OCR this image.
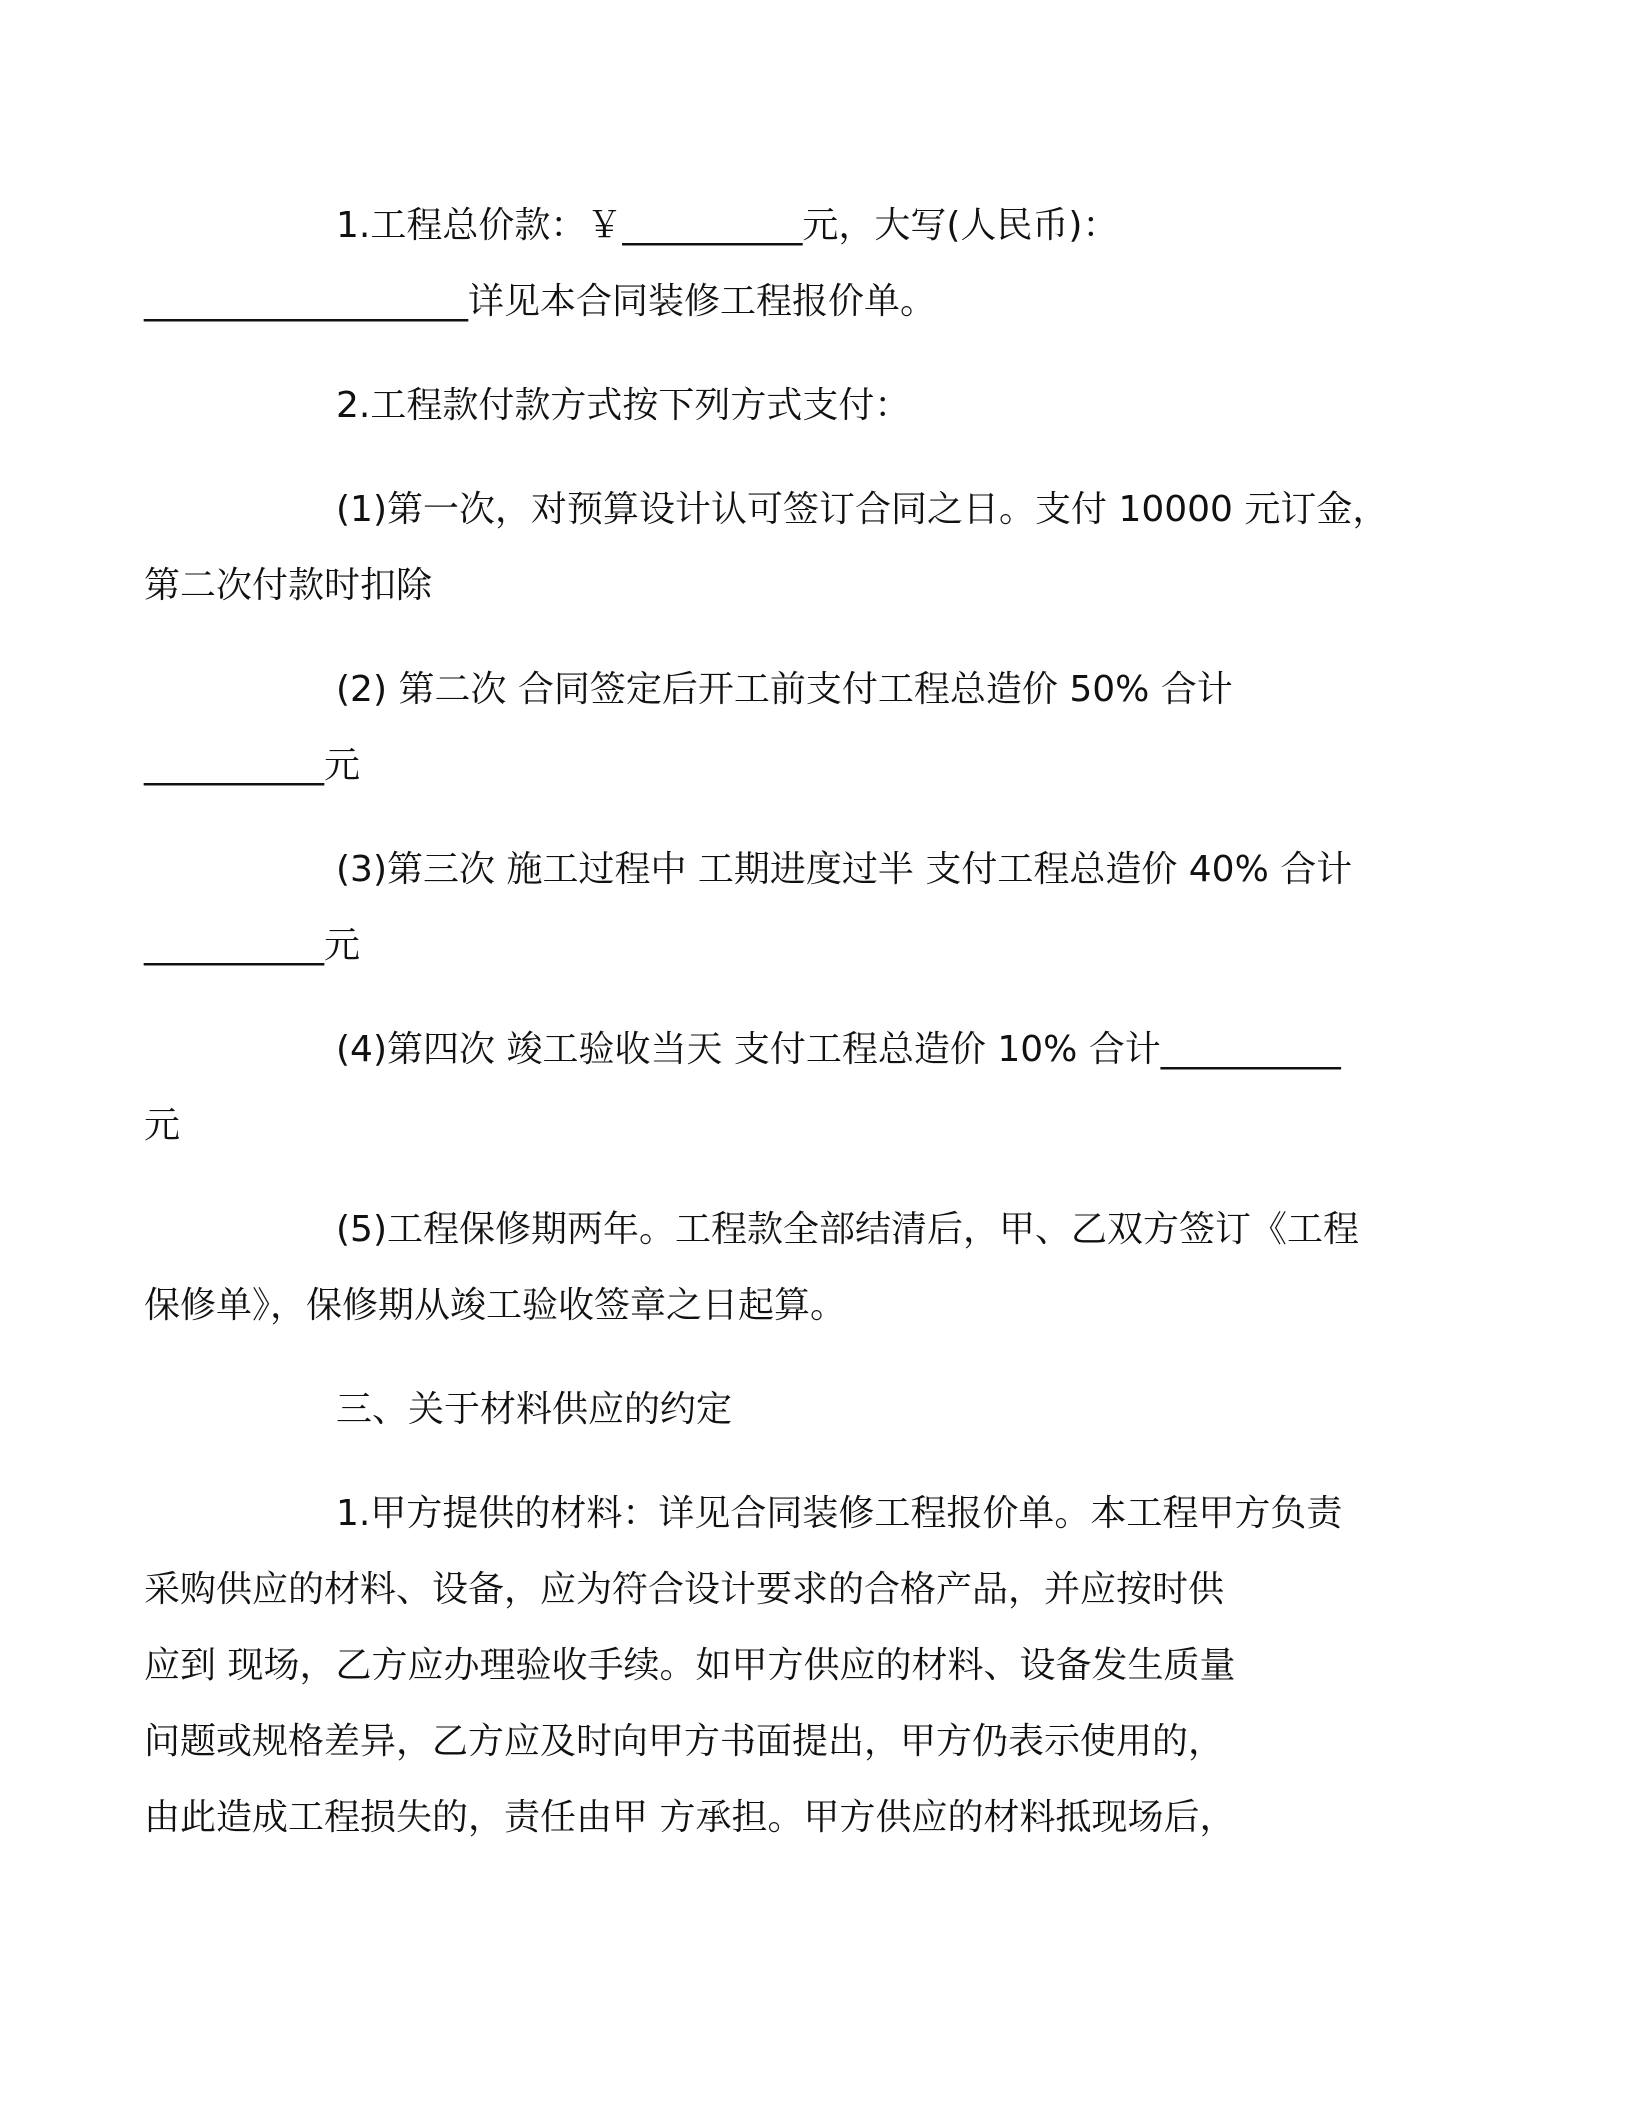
1.工程总价款：￥__________元，大写(人民币)：
__________________详见本合同装修工程报价单。
2.工程款付款方式按下列方式支付：
(1)第一次，对预算设计认可签订合同之日。支付 10000 元订金，
第二次付款时扣除
(2) 第二次 合同签定后开工前支付工程总造价 50% 合计
__________元
(3)第三次 施工过程中 工期进度过半 支付工程总造价 40% 合计
__________元
(4)第四次 竣工验收当天 支付工程总造价 10% 合计__________
元
(5)工程保修期两年。工程款全部结清后，甲、乙双方签订《工程
保修单》，保修期从竣工验收签章之日起算。
三、关于材料供应的约定
1.甲方提供的材料：详见合同装修工程报价单。本工程甲方负责
采购供应的材料、设备，应为符合设计要求的合格产品，并应按时供
应到 现场，乙方应办理验收手续。如甲方供应的材料、设备发生质量
问题或规格差异，乙方应及时向甲方书面提出，甲方仍表示使用的，
由此造成工程损失的，责任由甲 方承担。甲方供应的材料抵现场后，
